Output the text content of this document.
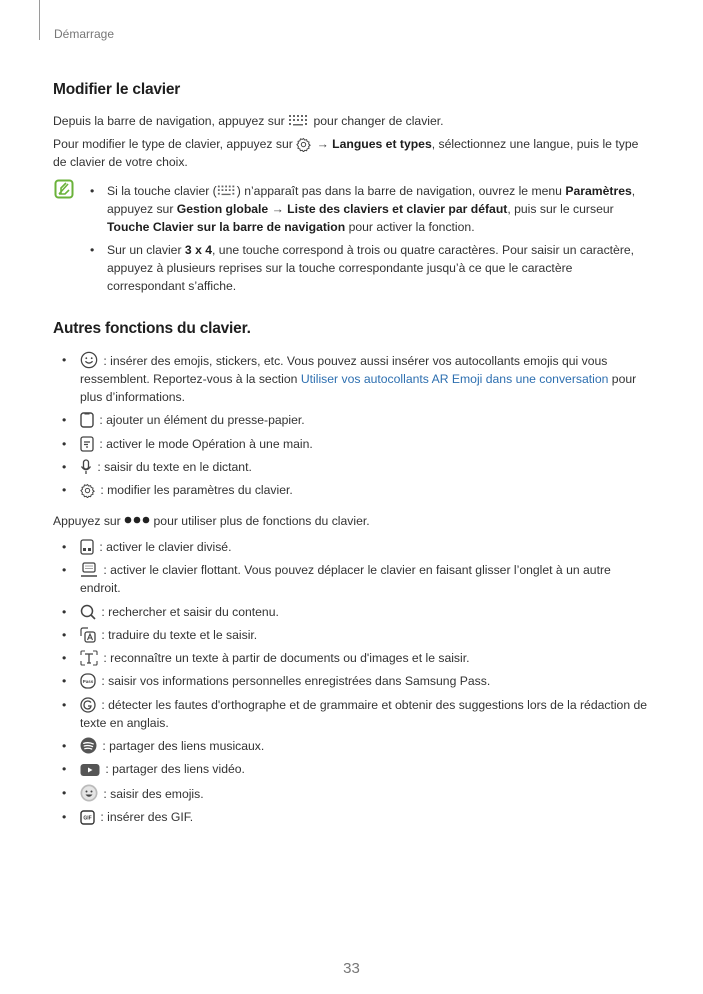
Démarrage
Modifier le clavier
Depuis la barre de navigation, appuyez sur  pour changer de clavier.
Pour modifier le type de clavier, appuyez sur  → Langues et types, sélectionnez une langue, puis le type de clavier de votre choix.
• Si la touche clavier ( ) n’apparaît pas dans la barre de navigation, ouvrez le menu Paramètres, appuyez sur Gestion globale → Liste des claviers et clavier par défaut, puis sur le curseur Touche Clavier sur la barre de navigation pour activer la fonction.
• Sur un clavier 3 x 4, une touche correspond à trois ou quatre caractères. Pour saisir un caractère, appuyez à plusieurs reprises sur la touche correspondante jusqu’à ce que le caractère correspondant s’affiche.
Autres fonctions du clavier.
•	: insérer des emojis, stickers, etc. Vous pouvez aussi insérer vos autocollants emojis qui vous ressemblent. Reportez-vous à la section Utiliser vos autocollants AR Emoji dans une conversation pour plus d’informations.
• : ajouter un élément du presse-papier.
• : activer le mode Opération à une main.
• : saisir du texte en le dictant.
•	: modifier les paramètres du clavier.
Appuyez sur  pour utiliser plus de fonctions du clavier.
• : activer le clavier divisé.
•	: activer le clavier flottant. Vous pouvez déplacer le clavier en faisant glisser l’onglet à un autre endroit.
•	: rechercher et saisir du contenu.
•	: traduire du texte et le saisir.
•	: reconnaître un texte à partir de documents ou d'images et le saisir.
•	Pass : saisir vos informations personnelles enregistrées dans Samsung Pass.
•	: détecter les fautes d'orthographe et de grammaire et obtenir des suggestions lors de la rédaction de texte en anglais.
•	: partager des liens musicaux.
•	: partager des liens vidéo.
•	: saisir des emojis.
•	GIF : insérer des GIF.
33
